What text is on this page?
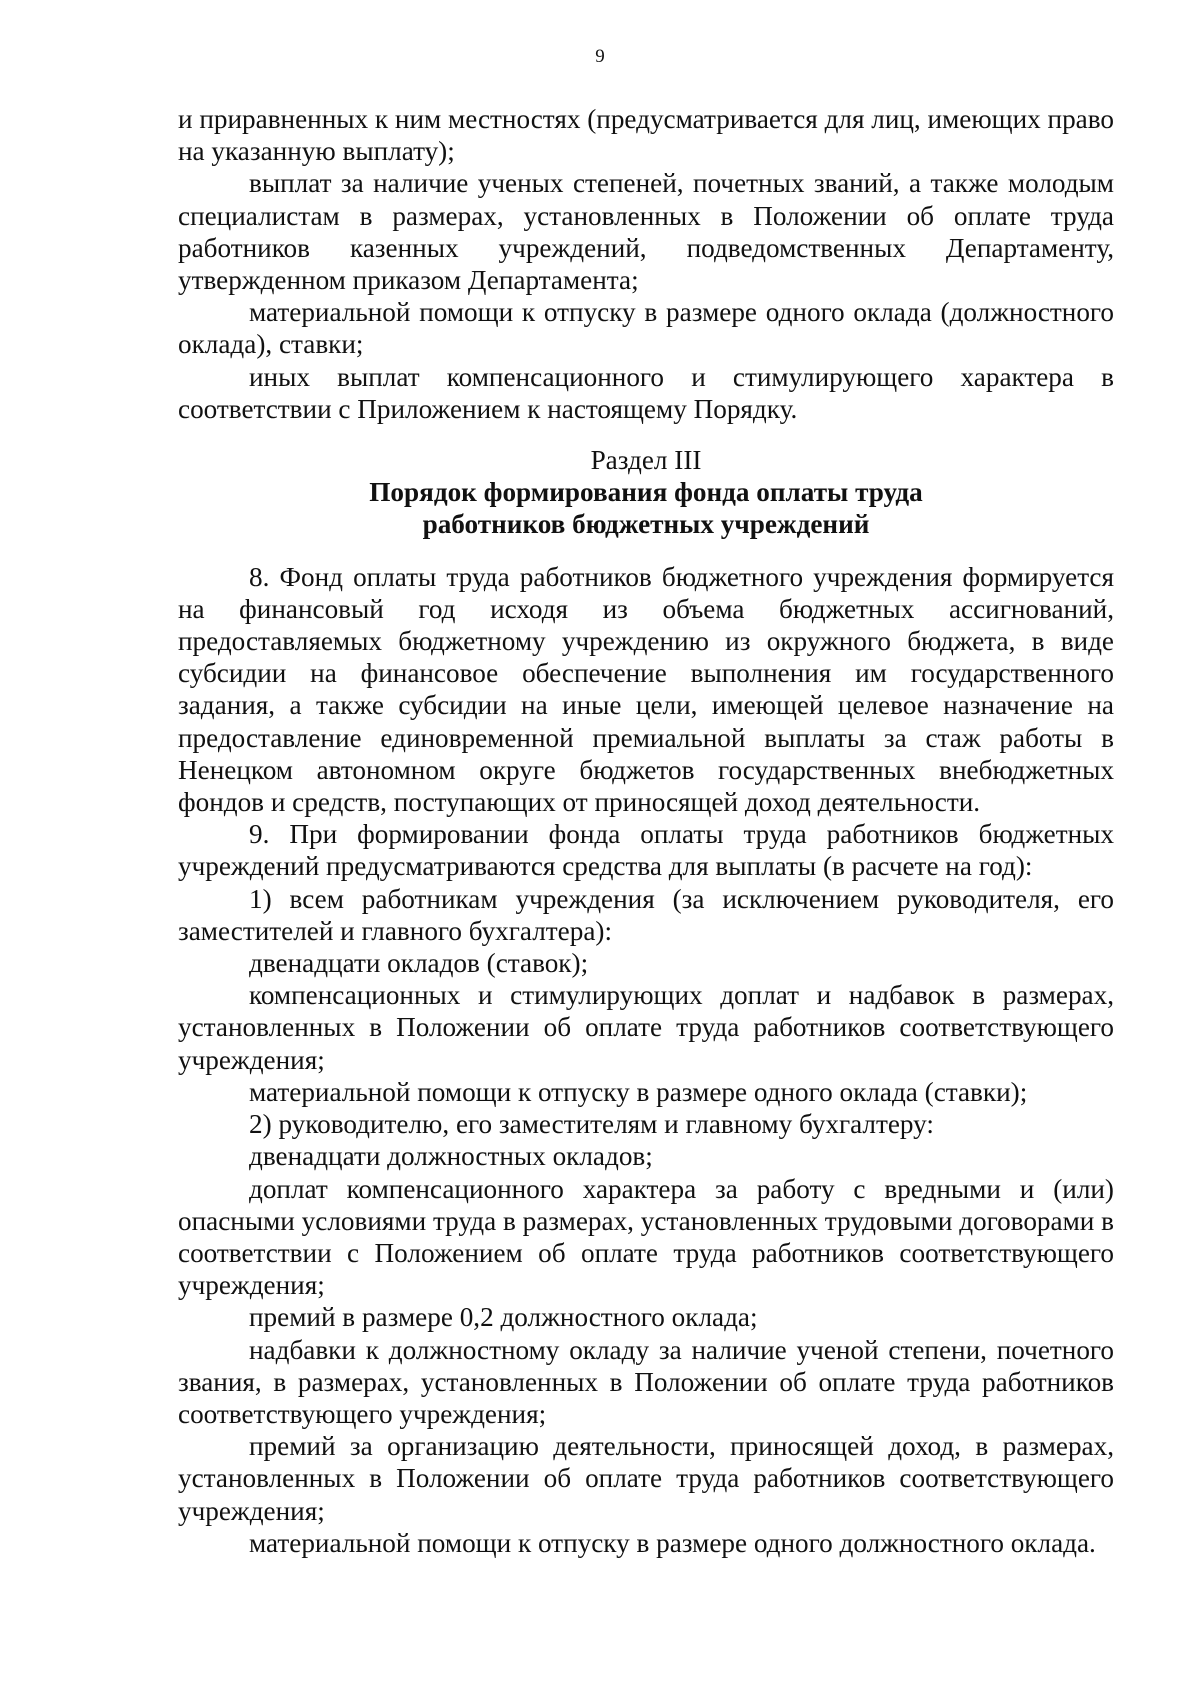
9

и приравненных к ним местностях (предусматривается для лиц, имеющих право на указанную выплату);

выплат за наличие ученых степеней, почетных званий, а также молодым специалистам в размерах, установленных в Положении об оплате труда работников казенных учреждений, подведомственных Департаменту, утвержденном приказом Департамента;

материальной помощи к отпуску в размере одного оклада (должностного оклада), ставки;

иных выплат компенсационного и стимулирующего характера в соответствии с Приложением к настоящему Порядку.

Раздел III
Порядок формирования фонда оплаты труда
работников бюджетных учреждений

8. Фонд оплаты труда работников бюджетного учреждения формируется на финансовый год исходя из объема бюджетных ассигнований, предоставляемых бюджетному учреждению из окружного бюджета, в виде субсидии на финансовое обеспечение выполнения им государственного задания, а также субсидии на иные цели, имеющей целевое назначение на предоставление единовременной премиальной выплаты за стаж работы в Ненецком автономном округе бюджетов государственных внебюджетных фондов и средств, поступающих от приносящей доход деятельности.

9. При формировании фонда оплаты труда работников бюджетных учреждений предусматриваются средства для выплаты (в расчете на год):

1) всем работникам учреждения (за исключением руководителя, его заместителей и главного бухгалтера):

двенадцати окладов (ставок);

компенсационных и стимулирующих доплат и надбавок в размерах, установленных в Положении об оплате труда работников соответствующего учреждения;

материальной помощи к отпуску в размере одного оклада (ставки);

2) руководителю, его заместителям и главному бухгалтеру:

двенадцати должностных окладов;

доплат компенсационного характера за работу с вредными и (или) опасными условиями труда в размерах, установленных трудовыми договорами в соответствии с Положением об оплате труда работников соответствующего учреждения;

премий в размере 0,2 должностного оклада;

надбавки к должностному окладу за наличие ученой степени, почетного звания, в размерах, установленных в Положении об оплате труда работников соответствующего учреждения;

премий за организацию деятельности, приносящей доход, в размерах, установленных в Положении об оплате труда работников соответствующего учреждения;

материальной помощи к отпуску в размере одного должностного оклада.
